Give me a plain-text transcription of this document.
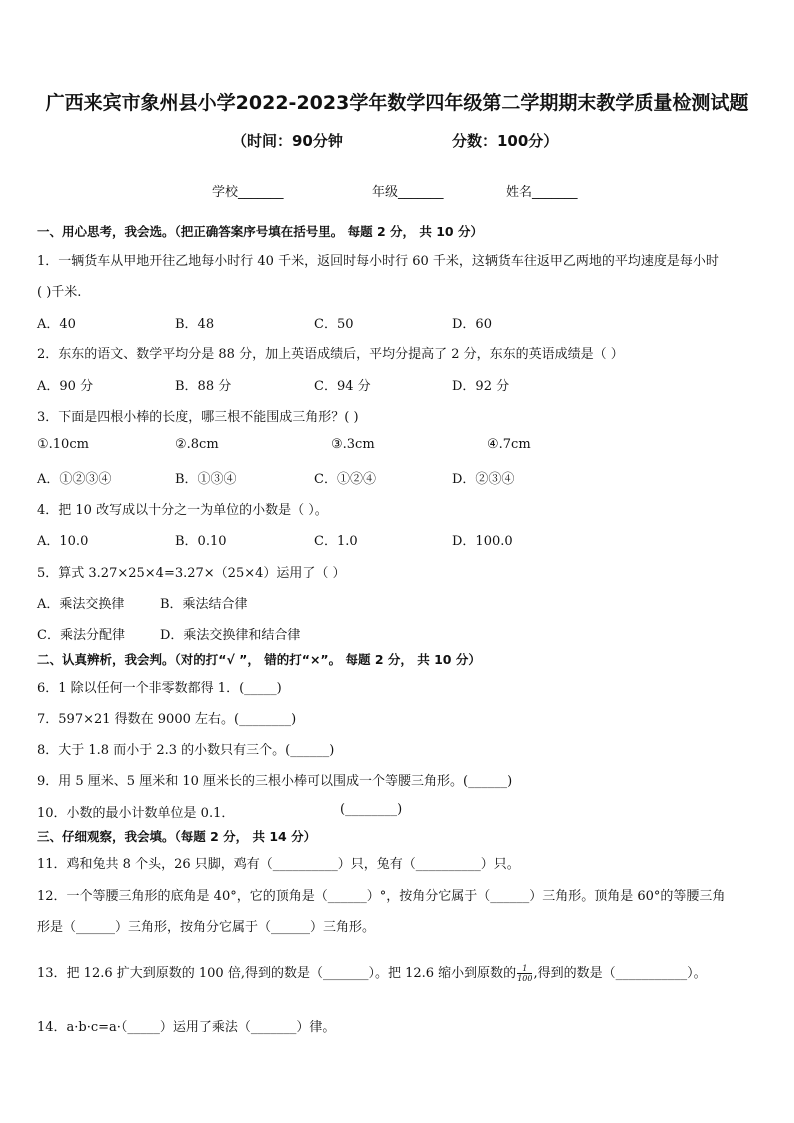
广西来宾市象州县小学2022-2023学年数学四年级第二学期期末教学质量检测试题
（时间：90分钟	分数：100分）
学校_______	年级_______	姓名_______
一、用心思考，我会选。（把正确答案序号填在括号里。 每题 2 分， 共 10 分）
1．一辆货车从甲地开往乙地每小时行 40 千米，返回时每小时行 60 千米，这辆货车往返甲乙两地的平均速度是每小时
( )千米.
A．40	B．48	C．50	D．60
2．东东的语文、数学平均分是 88 分，加上英语成绩后，平均分提高了 2 分，东东的英语成绩是（ ）
A．90 分	B．88 分	C．94 分	D．92 分
3．下面是四根小棒的长度，哪三根不能围成三角形？( )
①.10cm	②.8cm	③.3cm	④.7cm
A．①②③④	B．①③④	C．①②④	D．②③④
4．把 10 改写成以十分之一为单位的小数是（ ）。
A．10.0	B．0.10	C．1.0	D．100.0
5．算式 3.27×25×4=3.27×（25×4）运用了（ ）
A．乘法交换律	B．乘法结合律
C．乘法分配律	D．乘法交换律和结合律
二、认真辨析，我会判。（对的打“√ ”， 错的打“×”。 每题 2 分， 共 10 分）
6．1 除以任何一个非零数都得 1．(_____)
7．597×21 得数在 9000 左右。(________)
8．大于 1.8 而小于 2.3 的小数只有三个。(______)
9．用 5 厘米、5 厘米和 10 厘米长的三根小棒可以围成一个等腰三角形。(______)
10．小数的最小计数单位是 0.1．	(________)
三、仔细观察，我会填。（每题 2 分， 共 14 分）
11．鸡和兔共 8 个头，26 只脚，鸡有（__________）只，兔有（__________）只。
12．一个等腰三角形的底角是 40°，它的顶角是（______）°，按角分它属于（______）三角形。顶角是 60°的等腰三角
形是（______）三角形，按角分它属于（______）三角形。
13．把 12.6 扩大到原数的 100 倍,得到的数是（_______）。把 12.6 缩小到原数的 $\frac{1}{100}$ ,得到的数是（___________）。
14．a·b·c=a·（_____）运用了乘法（_______）律。
